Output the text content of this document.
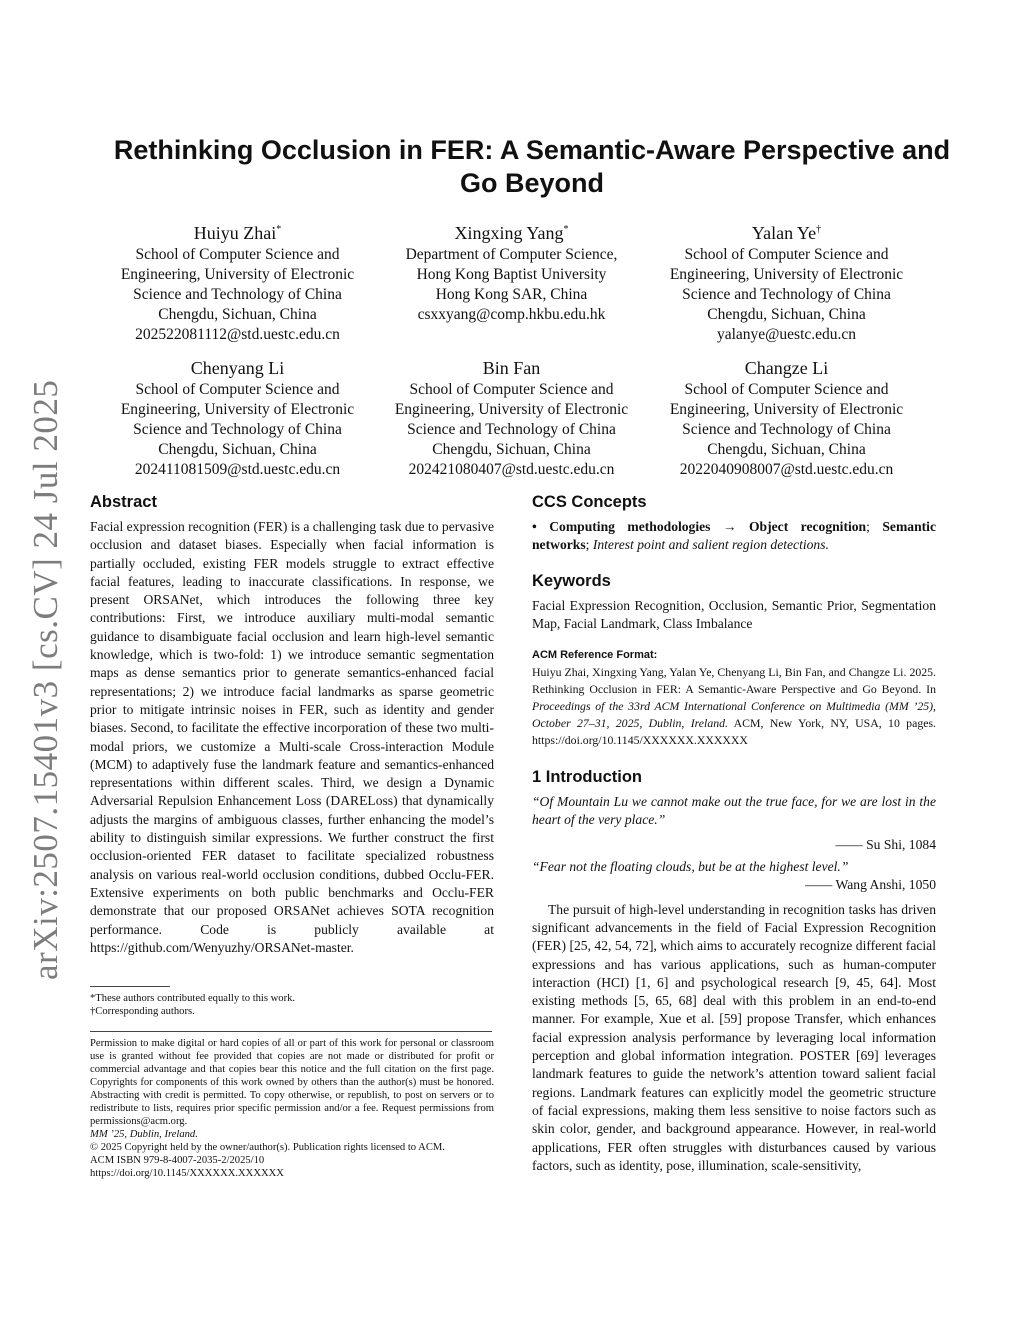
arXiv:2507.15401v3 [cs.CV] 24 Jul 2025
Rethinking Occlusion in FER: A Semantic-Aware Perspective and
Go Beyond
Huiyu Zhai*
School of Computer Science and
Engineering, University of Electronic
Science and Technology of China
Chengdu, Sichuan, China
202522081112@std.uestc.edu.cn
Xingxing Yang*
Department of Computer Science,
Hong Kong Baptist University
Hong Kong SAR, China
csxxyang@comp.hkbu.edu.hk
Yalan Ye†
School of Computer Science and
Engineering, University of Electronic
Science and Technology of China
Chengdu, Sichuan, China
yalanye@uestc.edu.cn
Chenyang Li
School of Computer Science and
Engineering, University of Electronic
Science and Technology of China
Chengdu, Sichuan, China
202411081509@std.uestc.edu.cn
Bin Fan
School of Computer Science and
Engineering, University of Electronic
Science and Technology of China
Chengdu, Sichuan, China
202421080407@std.uestc.edu.cn
Changze Li
School of Computer Science and
Engineering, University of Electronic
Science and Technology of China
Chengdu, Sichuan, China
2022040908007@std.uestc.edu.cn
Abstract

Facial expression recognition (FER) is a challenging task due to pervasive occlusion and dataset biases. Especially when facial information is partially occluded, existing FER models struggle to extract effective facial features, leading to inaccurate classifications. In response, we present ORSANet, which introduces the following three key contributions: First, we introduce auxiliary multi-modal semantic guidance to disambiguate facial occlusion and learn high-level semantic knowledge, which is two-fold: 1) we introduce semantic segmentation maps as dense semantics prior to generate semantics-enhanced facial representations; 2) we introduce facial landmarks as sparse geometric prior to mitigate intrinsic noises in FER, such as identity and gender biases. Second, to facilitate the effective incorporation of these two multi-modal priors, we customize a Multi-scale Cross-interaction Module (MCM) to adaptively fuse the landmark feature and semantics-enhanced representations within different scales. Third, we design a Dynamic Adversarial Repulsion Enhancement Loss (DARELoss) that dynamically adjusts the margins of ambiguous classes, further enhancing the model’s ability to distinguish similar expressions. We further construct the first occlusion-oriented FER dataset to facilitate specialized robustness analysis on various real-world occlusion conditions, dubbed Occlu-FER. Extensive experiments on both public benchmarks and Occlu-FER demonstrate that our proposed ORSANet achieves SOTA recognition performance. Code is publicly available at https://github.com/Wenyuzhy/ORSANet-master.

*These authors contributed equally to this work.
†Corresponding authors.

Permission to make digital or hard copies of all or part of this work for personal or classroom use is granted without fee provided that copies are not made or distributed for profit or commercial advantage and that copies bear this notice and the full citation on the first page. Copyrights for components of this work owned by others than the author(s) must be honored. Abstracting with credit is permitted. To copy otherwise, or republish, to post on servers or to redistribute to lists, requires prior specific permission and/or a fee. Request permissions from permissions@acm.org.

MM ’25, Dublin, Ireland.
© 2025 Copyright held by the owner/author(s). Publication rights licensed to ACM.
ACM ISBN 979-8-4007-2035-2/2025/10
https://doi.org/10.1145/XXXXXX.XXXXXX
CCS Concepts

• Computing methodologies → Object recognition; Semantic networks; Interest point and salient region detections.

Keywords

Facial Expression Recognition, Occlusion, Semantic Prior, Segmentation Map, Facial Landmark, Class Imbalance

ACM Reference Format:

Huiyu Zhai, Xingxing Yang, Yalan Ye, Chenyang Li, Bin Fan, and Changze Li. 2025. Rethinking Occlusion in FER: A Semantic-Aware Perspective and Go Beyond. In Proceedings of the 33rd ACM International Conference on Multimedia (MM ’25), October 27–31, 2025, Dublin, Ireland. ACM, New York, NY, USA, 10 pages. https://doi.org/10.1145/XXXXXX.XXXXXX

1 Introduction

“Of Mountain Lu we cannot make out the true face, for we are lost in the heart of the very place.”

—— Su Shi, 1084

“Fear not the floating clouds, but be at the highest level.”

—— Wang Anshi, 1050

The pursuit of high-level understanding in recognition tasks has driven significant advancements in the field of Facial Expression Recognition (FER) [25, 42, 54, 72], which aims to accurately recognize different facial expressions and has various applications, such as human-computer interaction (HCI) [1, 6] and psychological research [9, 45, 64]. Most existing methods [5, 65, 68] deal with this problem in an end-to-end manner. For example, Xue et al. [59] propose Transfer, which enhances facial expression analysis performance by leveraging local information perception and global information integration. POSTER [69] leverages landmark features to guide the network’s attention toward salient facial regions. Landmark features can explicitly model the geometric structure of facial expressions, making them less sensitive to noise factors such as skin color, gender, and background appearance. However, in real-world applications, FER often struggles with disturbances caused by various factors, such as identity, pose, illumination, scale-sensitivity,
